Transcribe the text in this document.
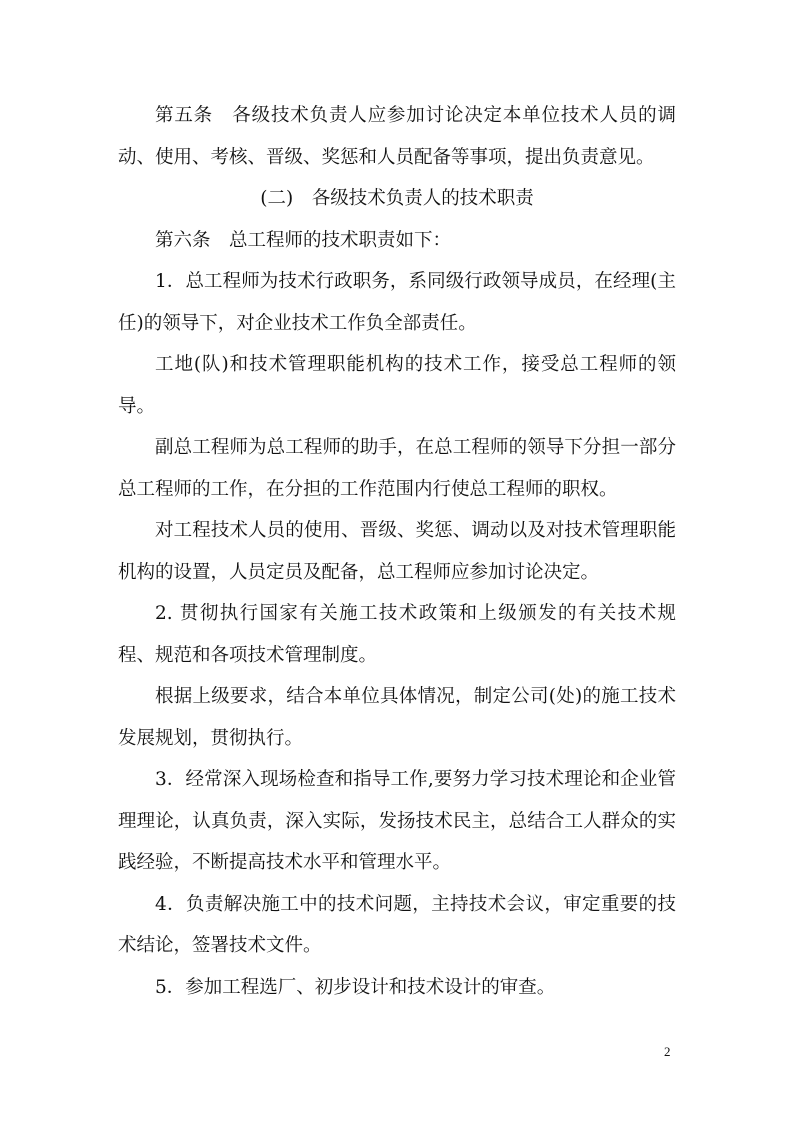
第五条　各级技术负责人应参加讨论决定本单位技术人员的调动、使用、考核、晋级、奖惩和人员配备等事项，提出负责意见。

(二)　各级技术负责人的技术职责

第六条　总工程师的技术职责如下：

1．总工程师为技术行政职务，系同级行政领导成员，在经理(主任)的领导下，对企业技术工作负全部责任。

工地(队)和技术管理职能机构的技术工作，接受总工程师的领导。

副总工程师为总工程师的助手，在总工程师的领导下分担一部分总工程师的工作，在分担的工作范围内行使总工程师的职权。

对工程技术人员的使用、晋级、奖惩、调动以及对技术管理职能机构的设置，人员定员及配备，总工程师应参加讨论决定。

2. 贯彻执行国家有关施工技术政策和上级颁发的有关技术规程、规范和各项技术管理制度。

根据上级要求，结合本单位具体情况，制定公司(处)的施工技术发展规划，贯彻执行。

3．经常深入现场检查和指导工作,要努力学习技术理论和企业管理理论，认真负责，深入实际，发扬技术民主，总结合工人群众的实践经验，不断提高技术水平和管理水平。

4．负责解决施工中的技术问题，主持技术会议，审定重要的技术结论，签署技术文件。

5．参加工程选厂、初步设计和技术设计的审查。

2
